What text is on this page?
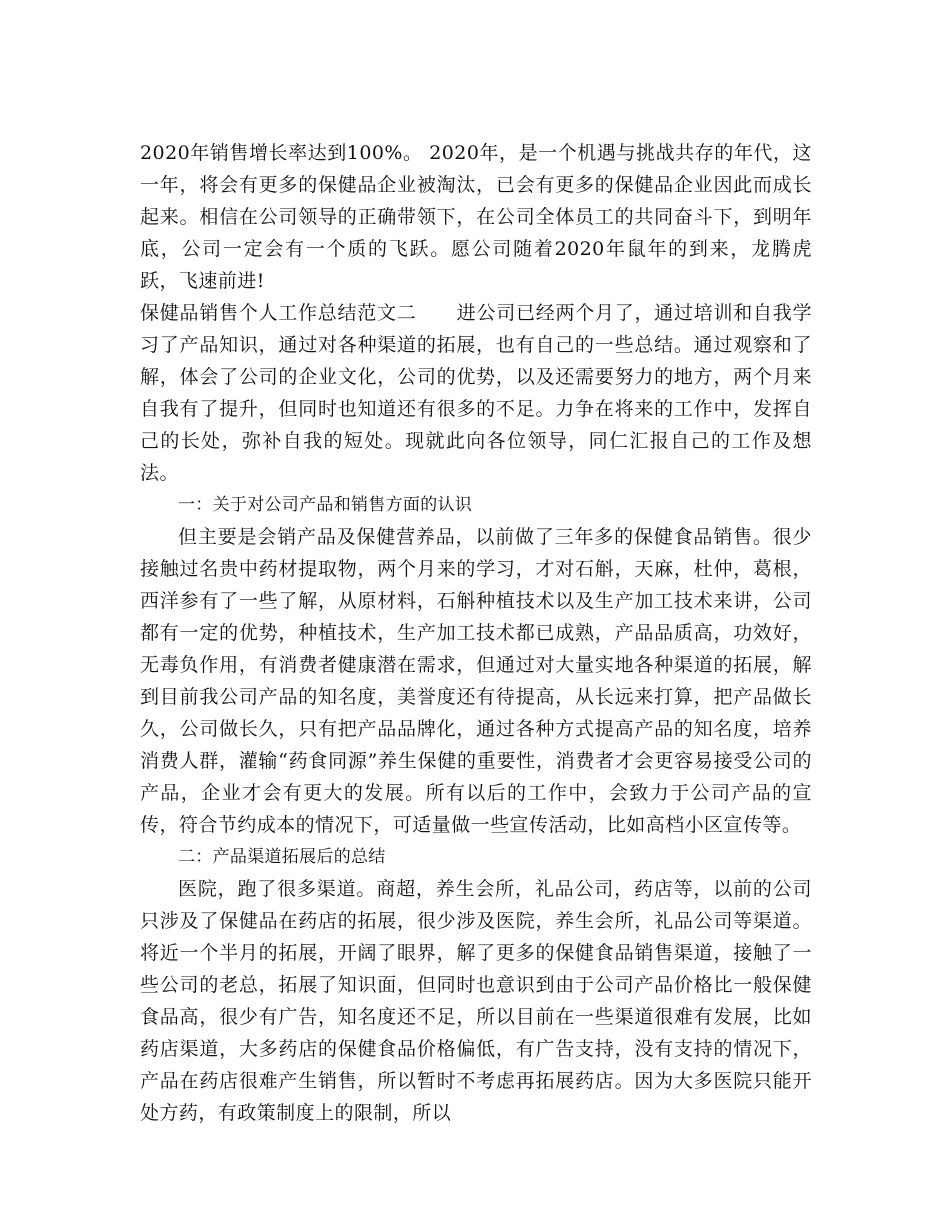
2020年销售增长率达到100%。 2020年，是一个机遇与挑战共存的年代，这一年，将会有更多的保健品企业被淘汰，已会有更多的保健品企业因此而成长起来。相信在公司领导的正确带领下，在公司全体员工的共同奋斗下，到明年底，公司一定会有一个质的飞跃。愿公司随着2020年鼠年的到来，龙腾虎跃，飞速前进!

保健品销售个人工作总结范文二 进公司已经两个月了，通过培训和自我学习了产品知识，通过对各种渠道的拓展，也有自己的一些总结。通过观察和了解，体会了公司的企业文化，公司的优势，以及还需要努力的地方，两个月来自我有了提升，但同时也知道还有很多的不足。力争在将来的工作中，发挥自己的长处，弥补自我的短处。现就此向各位领导，同仁汇报自己的工作及想法。

一：关于对公司产品和销售方面的认识

但主要是会销产品及保健营养品，以前做了三年多的保健食品销售。很少接触过名贵中药材提取物，两个月来的学习，才对石斛，天麻，杜仲，葛根，西洋参有了一些了解，从原材料，石斛种植技术以及生产加工技术来讲，公司都有一定的优势，种植技术，生产加工技术都已成熟，产品品质高，功效好，无毒负作用，有消费者健康潜在需求，但通过对大量实地各种渠道的拓展，解到目前我公司产品的知名度，美誉度还有待提高，从长远来打算，把产品做长久，公司做长久，只有把产品品牌化，通过各种方式提高产品的知名度，培养消费人群，灌输“药食同源”养生保健的重要性，消费者才会更容易接受公司的产品，企业才会有更大的发展。所有以后的工作中，会致力于公司产品的宣传，符合节约成本的情况下，可适量做一些宣传活动，比如高档小区宣传等。

二：产品渠道拓展后的总结

医院，跑了很多渠道。商超，养生会所，礼品公司，药店等，以前的公司只涉及了保健品在药店的拓展，很少涉及医院，养生会所，礼品公司等渠道。将近一个半月的拓展，开阔了眼界，解了更多的保健食品销售渠道，接触了一些公司的老总，拓展了知识面，但同时也意识到由于公司产品价格比一般保健食品高，很少有广告，知名度还不足，所以目前在一些渠道很难有发展，比如药店渠道，大多药店的保健食品价格偏低，有广告支持，没有支持的情况下，产品在药店很难产生销售，所以暂时不考虑再拓展药店。因为大多医院只能开处方药，有政策制度上的限制，所以
